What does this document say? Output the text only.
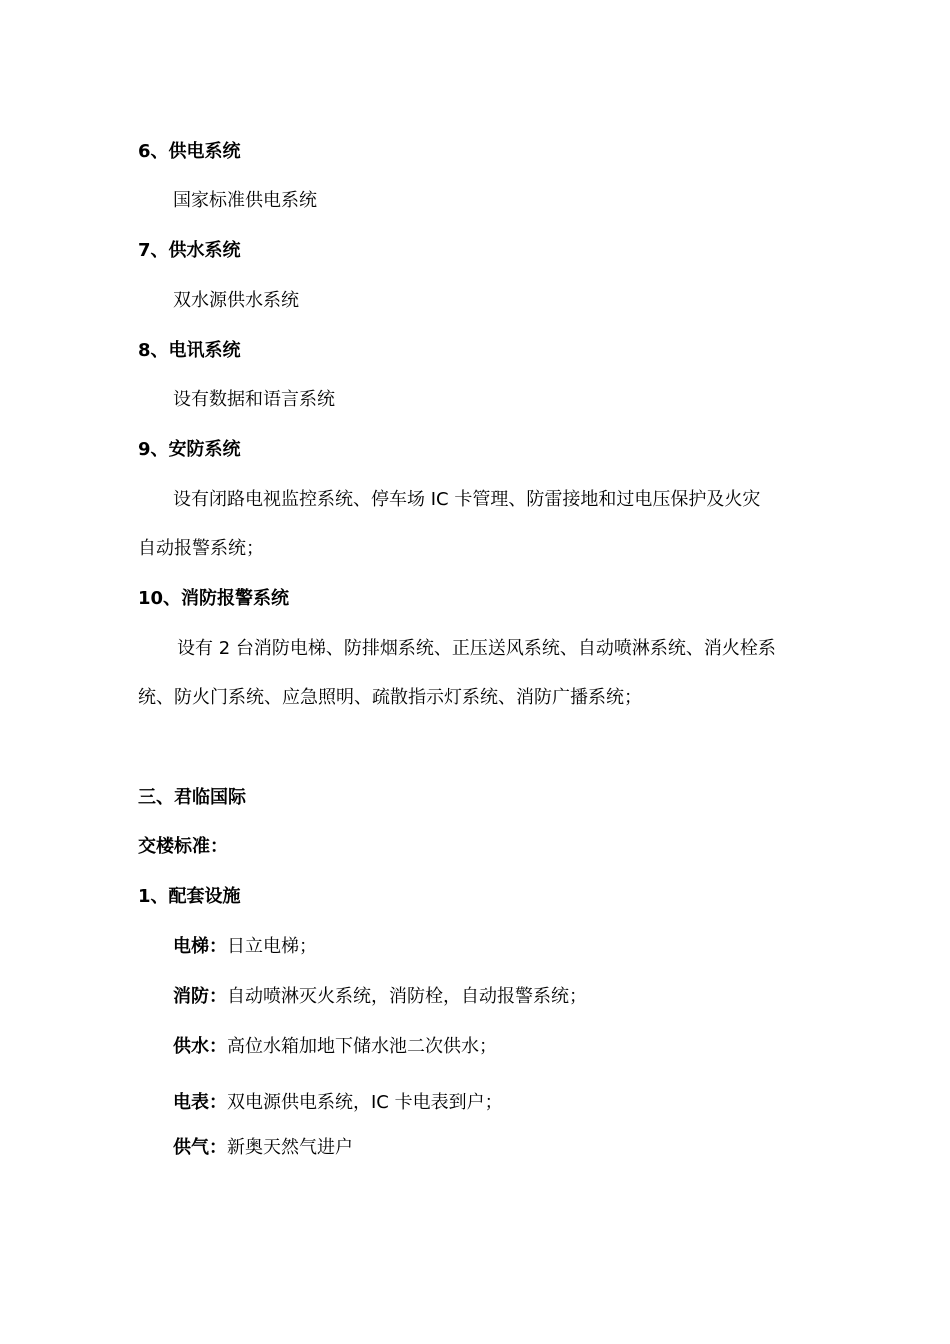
6、供电系统
国家标准供电系统
7、供水系统
双水源供水系统
8、电讯系统
设有数据和语言系统
9、安防系统
设有闭路电视监控系统、停车场 IC 卡管理、防雷接地和过电压保护及火灾
自动报警系统；
10、消防报警系统
设有 2 台消防电梯、防排烟系统、正压送风系统、自动喷淋系统、消火栓系
统、防火门系统、应急照明、疏散指示灯系统、消防广播系统；
三、君临国际
交楼标准：
1、配套设施
电梯：日立电梯；
消防：自动喷淋灭火系统，消防栓，自动报警系统；
供水：高位水箱加地下储水池二次供水；
电表：双电源供电系统，IC 卡电表到户；
供气：新奥天然气进户
